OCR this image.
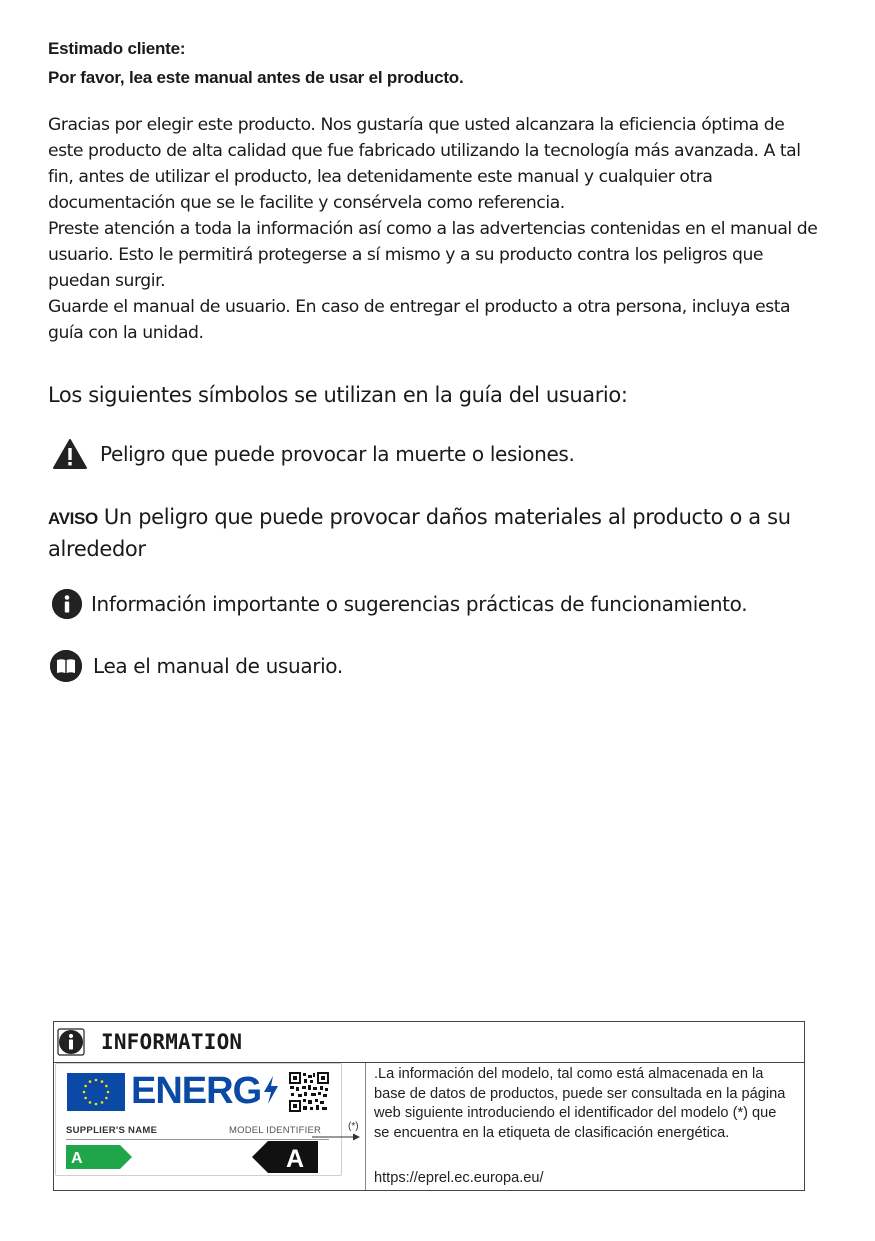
Estimado cliente:

Por favor, lea este manual antes de usar el producto.

Gracias por elegir este producto. Nos gustaría que usted alcanzara la eficiencia óptima de este producto de alta calidad que fue fabricado utilizando la tecnología más avanzada. A tal fin, antes de utilizar el producto, lea detenidamente este manual y cualquier otra documentación que se le facilite y consérvela como referencia.

Preste atención a toda la información así como a las advertencias contenidas en el manual de usuario. Esto le permitirá protegerse a sí mismo y a su producto contra los peligros que puedan surgir.

Guarde el manual de usuario. En caso de entregar el producto a otra persona, incluya esta guía con la unidad.

Los siguientes símbolos se utilizan en la guía del usuario:
Peligro que puede provocar la muerte o lesiones.
AVISO Un peligro que puede provocar daños materiales al producto o a su alrededor
Información importante o sugerencias prácticas de funcionamiento.
Lea el manual de usuario.
INFORMATION
ENERG
SUPPLIER'S NAME	MODEL IDENTIFIER
A	A
(*)

.La información del modelo, tal como está almacenada en la base de datos de productos, puede ser consultada en la página web siguiente introduciendo el identificador del modelo (*) que se encuentra en la etiqueta de clasificación energética.

https://eprel.ec.europa.eu/
